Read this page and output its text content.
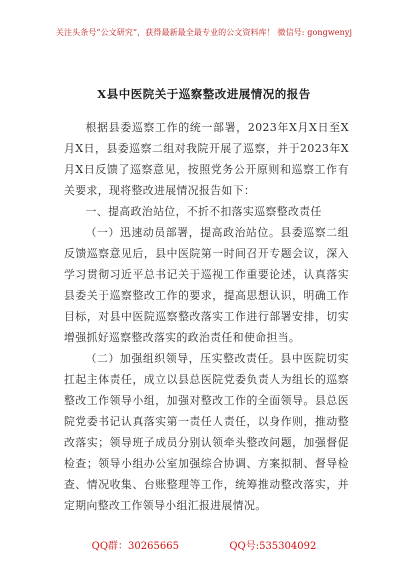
关注头条号“公文研究”，获得最新最全最专业的公文资料库！ 微信号: gongwenyj
X县中医院关于巡察整改进展情况的报告

根据县委巡察工作的统一部署，2023年X月X日至X月X日，县委巡察二组对我院开展了巡察，并于2023年X月X日反馈了巡察意见，按照党务公开原则和巡察工作有关要求，现将整改进展情况报告如下：

一、提高政治站位，不折不扣落实巡察整改责任

（一）迅速动员部署，提高政治站位。县委巡察二组反馈巡察意见后，县中医院第一时间召开专题会议，深入学习贯彻习近平总书记关于巡视工作重要论述，认真落实县委关于巡察整改工作的要求，提高思想认识，明确工作目标，对县中医院巡察整改落实工作进行部署安排，切实增强抓好巡察整改落实的政治责任和使命担当。

（二）加强组织领导，压实整改责任。县中医院切实扛起主体责任，成立以县总医院党委负责人为组长的巡察整改工作领导小组，加强对整改工作的全面领导。县总医院党委书记认真落实第一责任人责任，以身作则，推动整改落实；领导班子成员分别认领牵头整改问题，加强督促检查；领导小组办公室加强综合协调、方案拟制、督导检查、情况收集、台账整理等工作，统筹推动整改落实，并定期向整改工作领导小组汇报进展情况。

QQ群：30265665	QQ号:535304092
